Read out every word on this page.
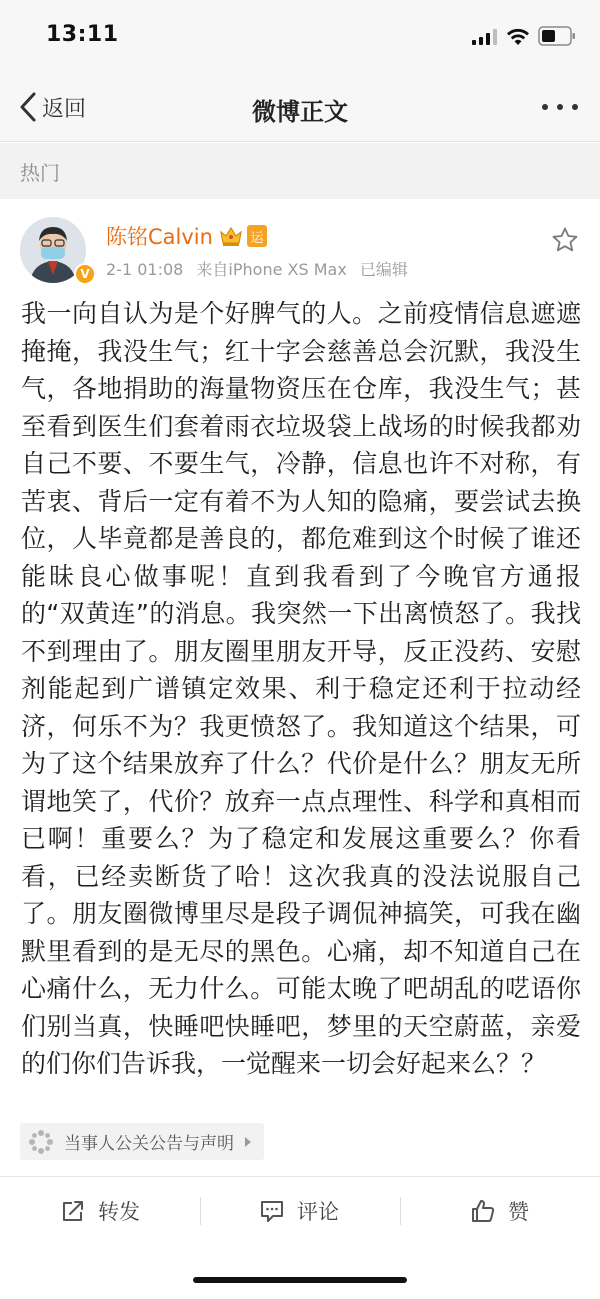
13:11
返回	微博正文
热门
V
陈铭Calvin	运
2-1 01:08 来自iPhone XS Max 已编辑
我一向自认为是个好脾气的人。之前疫情信息遮遮掩掩，我没生气；红十字会慈善总会沉默，我没生气，各地捐助的海量物资压在仓库，我没生气；甚至看到医生们套着雨衣垃圾袋上战场的时候我都劝自己不要、不要生气，冷静，信息也许不对称，有苦衷、背后一定有着不为人知的隐痛，要尝试去换位，人毕竟都是善良的，都危难到这个时候了谁还能昧良心做事呢！直到我看到了今晚官方通报的“双黄连”的消息。我突然一下出离愤怒了。我找不到理由了。朋友圈里朋友开导，反正没药、安慰剂能起到广谱镇定效果、利于稳定还利于拉动经济，何乐不为？我更愤怒了。我知道这个结果，可为了这个结果放弃了什么？代价是什么？朋友无所谓地笑了，代价？放弃一点点理性、科学和真相而已啊！重要么？为了稳定和发展这重要么？你看看，已经卖断货了哈！这次我真的没法说服自己了。朋友圈微博里尽是段子调侃神搞笑，可我在幽默里看到的是无尽的黑色。心痛，却不知道自己在心痛什么，无力什么。可能太晚了吧胡乱的呓语你们别当真，快睡吧快睡吧，梦里的天空蔚蓝，亲爱的们你们告诉我，一觉醒来一切会好起来么？？
当事人公关公告与声明
转发	评论	赞
